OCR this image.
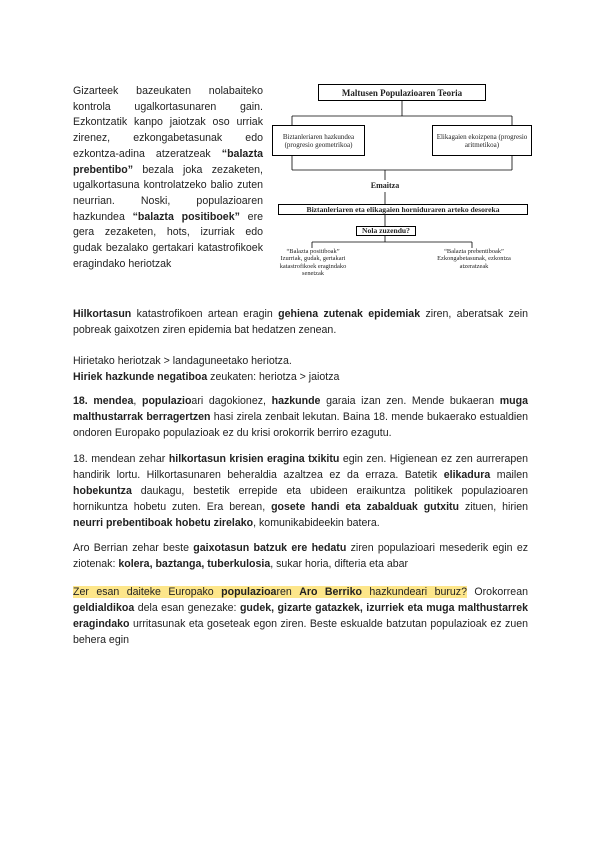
Gizarteek bazeukaten nolabaiteko kontrola ugalkortasunaren gain. Ezkontzatik kanpo jaiotzak oso urriak zirenez, ezkongabetasunak edo ezkontza-adina atzeratzeak “balazta prebentibo” bezala joka zezaketen, ugalkortasuna kontrolatzeko balio zuten neurrian. Noski, populazioaren hazkundea “balazta positiboek” ere gera zezaketen, hots, izurriak edo gudak bezalako gertakari katastrofikoek eragindako heriotzak
Maltusen Populazioaren Teoria
Biztanleriaren hazkundea (progresio geometrikoa)
Elikagaien ekoizpena (progresio aritmetikoa)
Emaitza
Biztanleriaren eta elikagaien horniduraren arteko desoreka
Nola zuzendu?
“Balazta positiboak”
Izurriak, gudak, gertakari katastrofikoek eragindako senetzak
“Balazta prebentiboak”
Ezkongabetasunak, ezkontza atzeratzeak
Hilkortasun katastrofikoen artean eragin gehiena zutenak epidemiak ziren, aberatsak zein pobreak gaixotzen ziren epidemia bat hedatzen zenean.
Hirietako heriotzak > landaguneetako heriotza.
Hiriek hazkunde negatiboa zeukaten: heriotza > jaiotza
18. mendea, populazioari dagokionez, hazkunde garaia izan zen. Mende bukaeran muga malthustarrak berragertzen hasi zirela zenbait lekutan. Baina 18. mende bukaerako estualdien ondoren Europako populazioak ez du krisi orokorrik berriro ezagutu.
18. mendean zehar hilkortasun krisien eragina txikitu egin zen. Higienean ez zen aurrerapen handirik lortu. Hilkortasunaren beheraldia azaltzea ez da erraza. Batetik elikadura mailen hobekuntza daukagu, bestetik errepide eta ubideen eraikuntza politikek populazioaren hornikuntza hobetu zuten. Era berean, gosete handi eta zabalduak gutxitu zituen, hirien neurri prebentiboak hobetu zirelako, komunikabideekin batera.
Aro Berrian zehar beste gaixotasun batzuk ere hedatu ziren populazioari mesederik egin ez ziotenak: kolera, baztanga, tuberkulosia, sukar horia, difteria eta abar
Zer esan daiteke Europako populazioaren Aro Berriko hazkundeari buruz? Orokorrean geldialdikoa dela esan genezake: gudek, gizarte gatazkek, izurriek eta muga malthustarrek eragindako urritasunak eta goseteak egon ziren. Beste eskualde batzutan populazioak ez zuen behera egin
